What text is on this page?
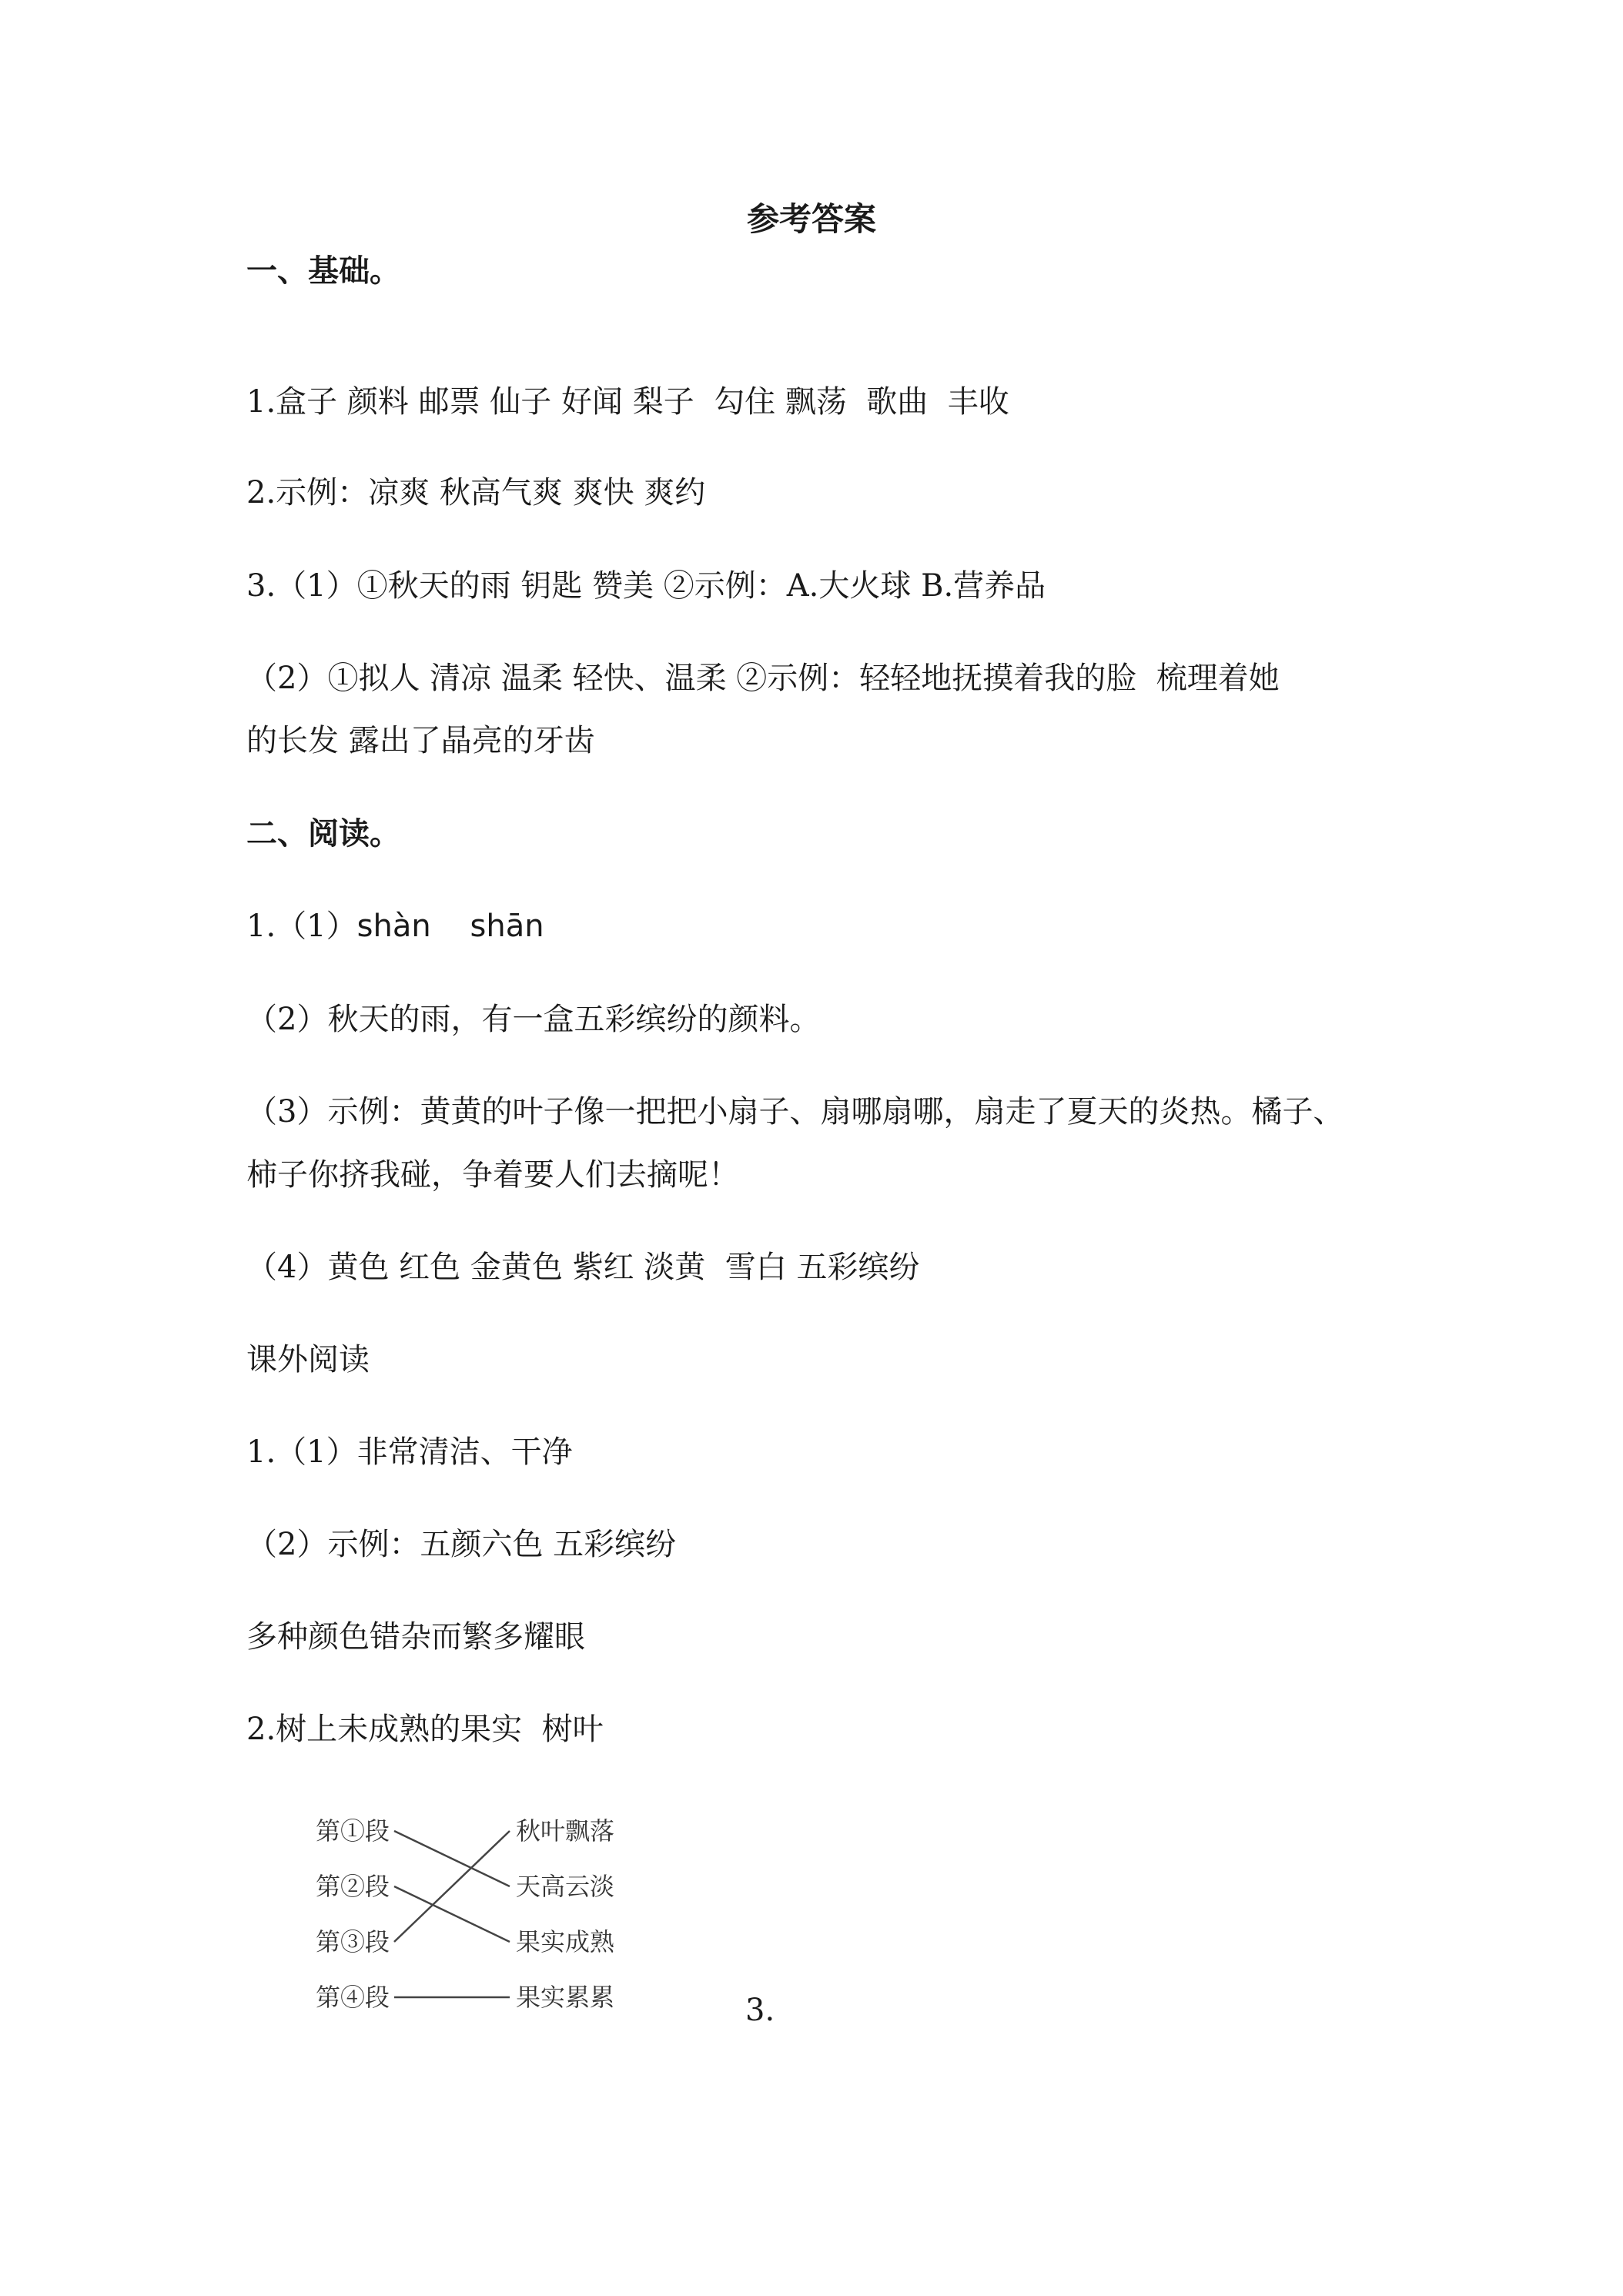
参考答案
一、基础。
1.盒子 颜料 邮票 仙子 好闻 梨子  勾住 飘荡  歌曲  丰收
2.示例：凉爽 秋高气爽 爽快 爽约
3.（1）①秋天的雨 钥匙 赞美 ②示例：A.大火球 B.营养品
（2）①拟人 清凉 温柔 轻快、温柔 ②示例：轻轻地抚摸着我的脸  梳理着她
的长发 露出了晶亮的牙齿
二、阅读。
1.（1）shàn    shān
（2）秋天的雨，有一盒五彩缤纷的颜料。
（3）示例：黄黄的叶子像一把把小扇子、扇哪扇哪，扇走了夏天的炎热。橘子、
柿子你挤我碰，争着要人们去摘呢！
（4）黄色 红色 金黄色 紫红 淡黄  雪白 五彩缤纷
课外阅读
1.（1）非常清洁、干净
（2）示例：五颜六色 五彩缤纷
多种颜色错杂而繁多耀眼
2.树上未成熟的果实  树叶
第①段
第②段
第③段
第④段
秋叶飘落
天高云淡
果实成熟
果实累累	3.
